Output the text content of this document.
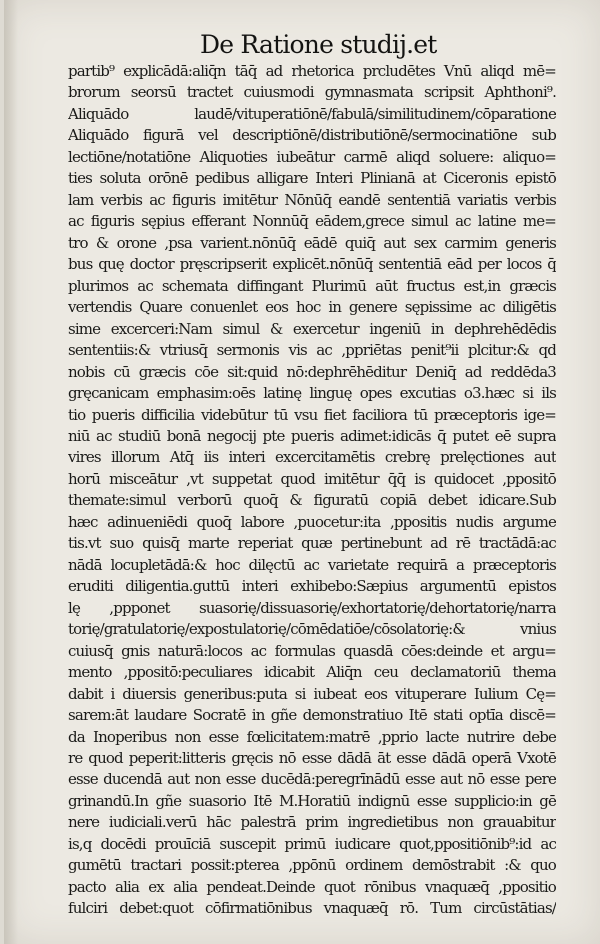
De Ratione studij.et
partib⁹ explicādā:aliq̄n tāq̄ ad rhetorica prcludētes Vnū aliqd mē=
brorum seorsū tractet cuiusmodi gymnasmata scripsit Aphthoni⁹.
Aliquādo laudē/vituperatiōnē/fabulā/similitudinem/cōparatione
Aliquādo figurā vel descriptiōnē/distributiōnē/sermocinatiōne sub
lectiōne/notatiōne Aliquoties iubeātur carmē aliqd soluere: aliquo=
ties soluta orōnē pedibus alligare Interi Plinianā at Ciceronis epistō
lam verbis ac figuris imitētur Nōnūq̄ eandē sententiā variatis verbis
ac figuris sępius efferant Nonnūq̄ eādem,grece simul ac latine me=
tro & orone ,psa varient.nōnūq̄ eādē quiq̄ aut sex carmim generis
bus quę doctor pręscripserit explicēt.nōnūq̄ sententiā eād per locos q̄
plurimos ac schemata diffingant Plurimū aūt fructus est,in græcis
vertendis Quare conuenlet eos hoc in genere sępissime ac diligētis
sime excerceri:Nam simul & exercetur ingeniū in dephrehēdēdis
sententiis:& vtriusq̄ sermonis vis ac ,ppriētas penit⁹ii plcitur:& qd
nobis cū græcis cōe sit:quid nō:dephrēhēditur Deniq̄ ad reddēda3
gręcanicam emphasim:oēs latinę linguę opes excutias o3.hæc si ils
tio pueris difficilia videbūtur tū vsu fiet faciliora tū præceptoris ige=
niū ac studiū bonā negocij pte pueris adimet:idicās q̄ putet eē supra
vires illorum Atq̄ iis interi excercitamētis crebrę prelęctiones aut
horū misceātur ,vt suppetat quod imitētur q̄q̄ is quidocet ,ppositō
themate:simul verborū quoq̄ & figuratū copiā debet idicare.Sub
hæc adinueniēdi quoq̄ labore ,puocetur:ita ,ppositis nudis argume
tis.vt suo quisq̄ marte reperiat quæ pertinebunt ad rē tractādā:ac
nādā locupletādā:& hoc dilęctū ac varietate requirā a præceptoris
eruditi diligentia.guttū interi exhibebo:Sæpius argumentū epistos
lę ,ppponet suasorię/dissuasorię/exhortatorię/dehortatorię/narra
torię/gratulatorię/expostulatorię/cōmēdatiōe/cōsolatorię:& vnius
cuiusq̄ gnis naturā:locos ac formulas quasdā cōes:deinde et argu=
mento ,ppositō:peculiares idicabit Aliq̄n ceu declamatoriū thema
dabit i diuersis generibus:puta si iubeat eos vituperare Iulium Cę=
sarem:āt laudare Socratē in gñe demonstratiuo Itē stati optīa discē=
da Inoperibus non esse fœlicitatem:matrē ,pprio lacte nutrire debe
re quod peperit:litteris gręcis nō esse dādā āt esse dādā operā Vxotē
esse ducendā aut non esse ducēdā:peregrīnādū esse aut nō esse pere
grinandū.In gñe suasorio Itē M.Horatiū indignū esse supplicio:in gē
nere iudiciali.verū hāc palestrā prim ingredietibus non grauabitur
is,q docēdi prouīciā suscepit primū iudicare quot,ppositiōnib⁹:id ac
gumētū tractari possit:pterea ,ppōnū ordinem demōstrabit :& quo
pacto alia ex alia pendeat.Deinde quot rōnibus vnaquæq̄ ,ppositio
fulciri debet:quot cōfirmatiōnibus vnaquæq̄ rō. Tum circūstātias/
